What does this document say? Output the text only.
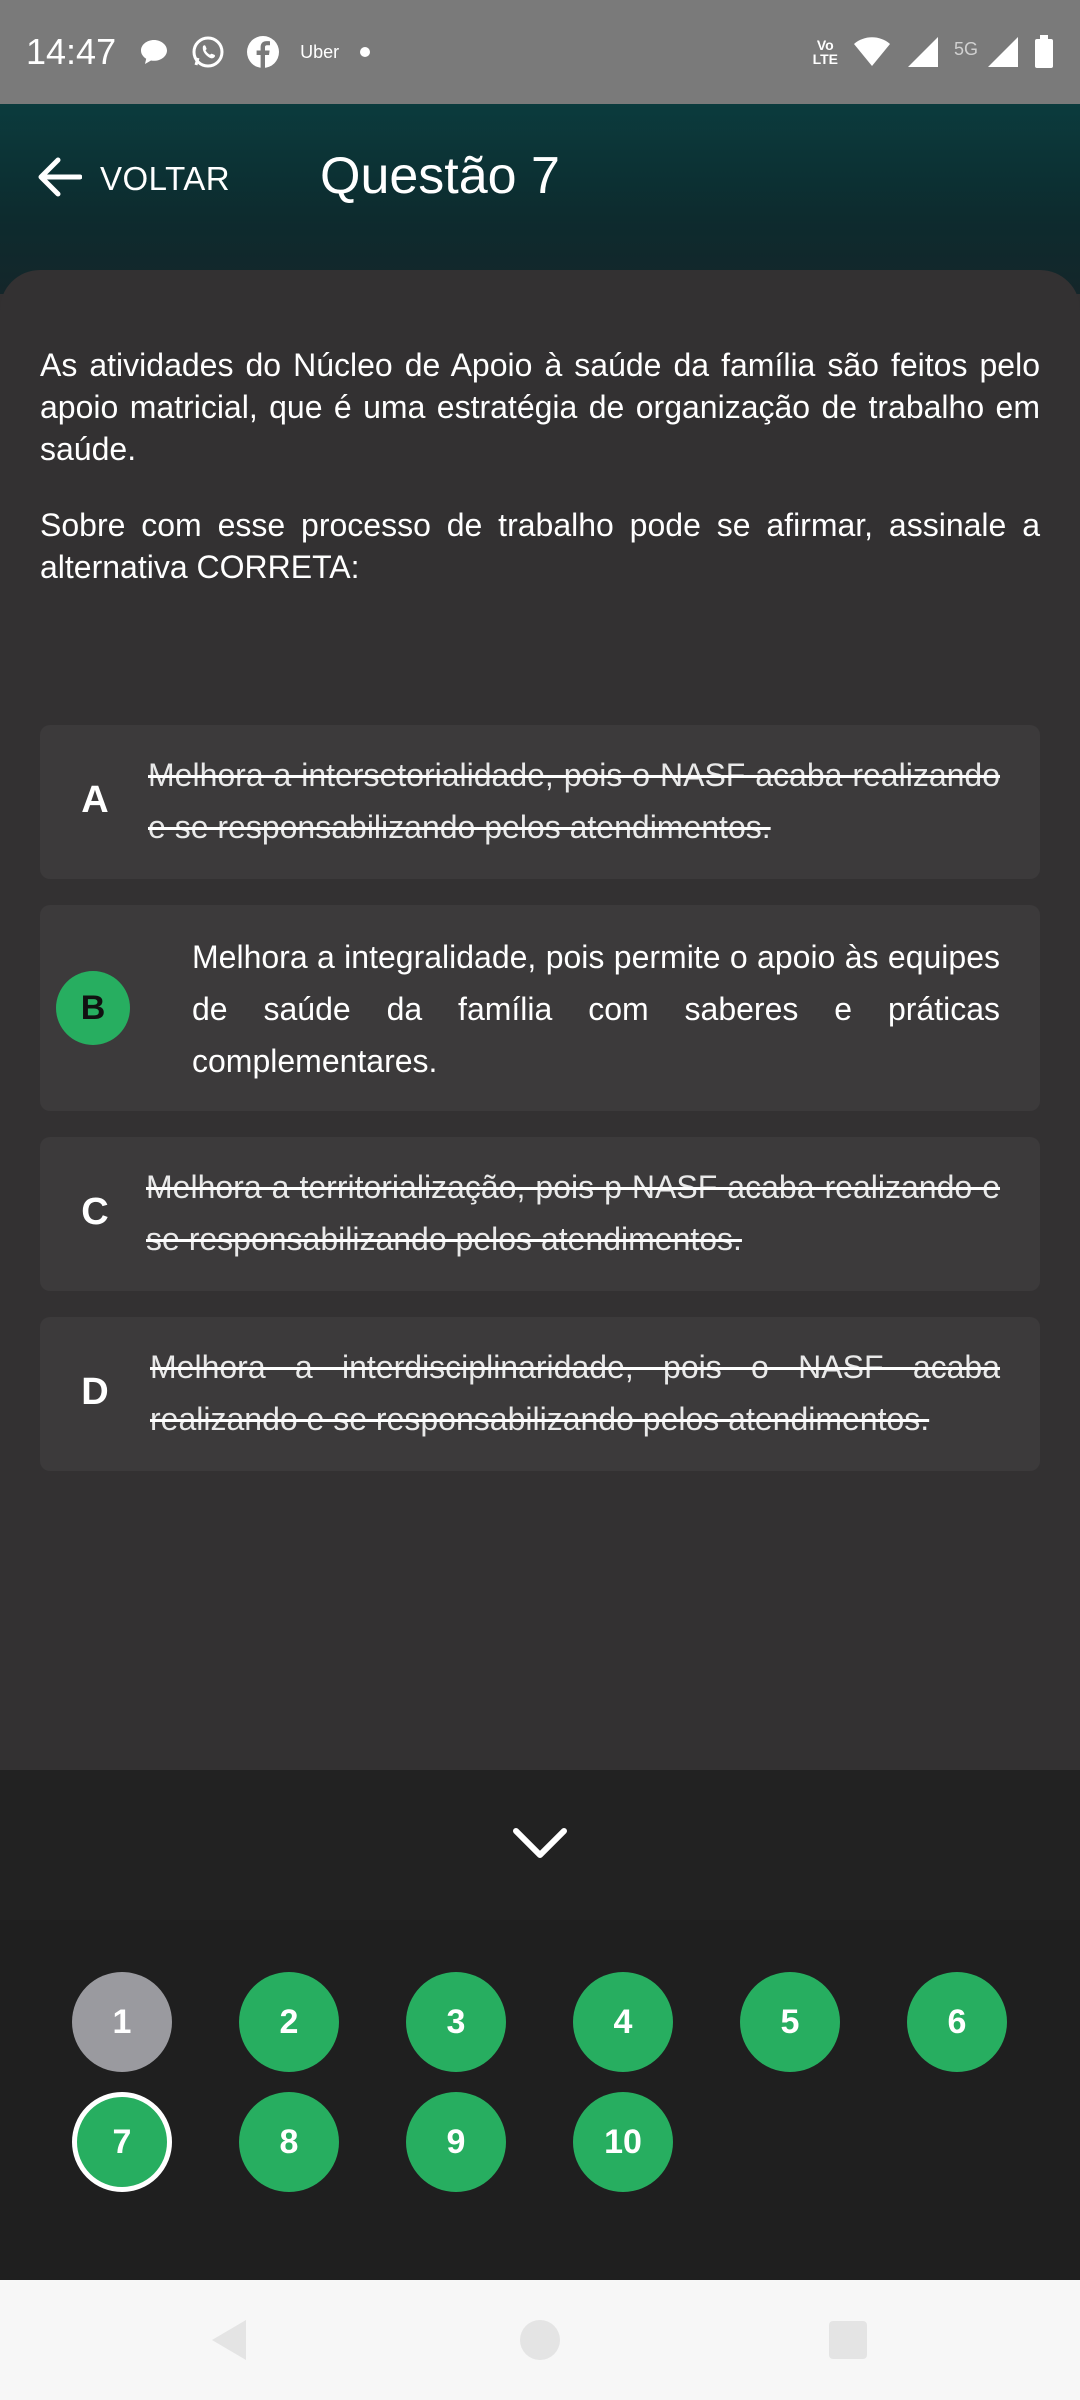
14:47	Uber	Vo
LTE	5G
VOLTAR Questão 7

As atividades do Núcleo de Apoio à saúde da família são feitos pelo apoio matricial, que é uma estratégia de organização de trabalho em saúde.

Sobre com esse processo de trabalho pode se afirmar, assinale a alternativa CORRETA:

A
Melhora a intersetorialidade, pois o NASF acaba realizando e se responsabilizando pelos atendimentos.
B
Melhora a integralidade, pois permite o apoio às equipes de saúde da família com saberes e práticas complementares.
C
Melhora a territorialização, pois p NASF acaba realizando e se responsabilizando pelos atendimentos.
D
Melhora a interdisciplinaridade, pois o NASF acaba realizando e se responsabilizando pelos atendimentos.
1	2	3	4	5	6
7	8	9	10
